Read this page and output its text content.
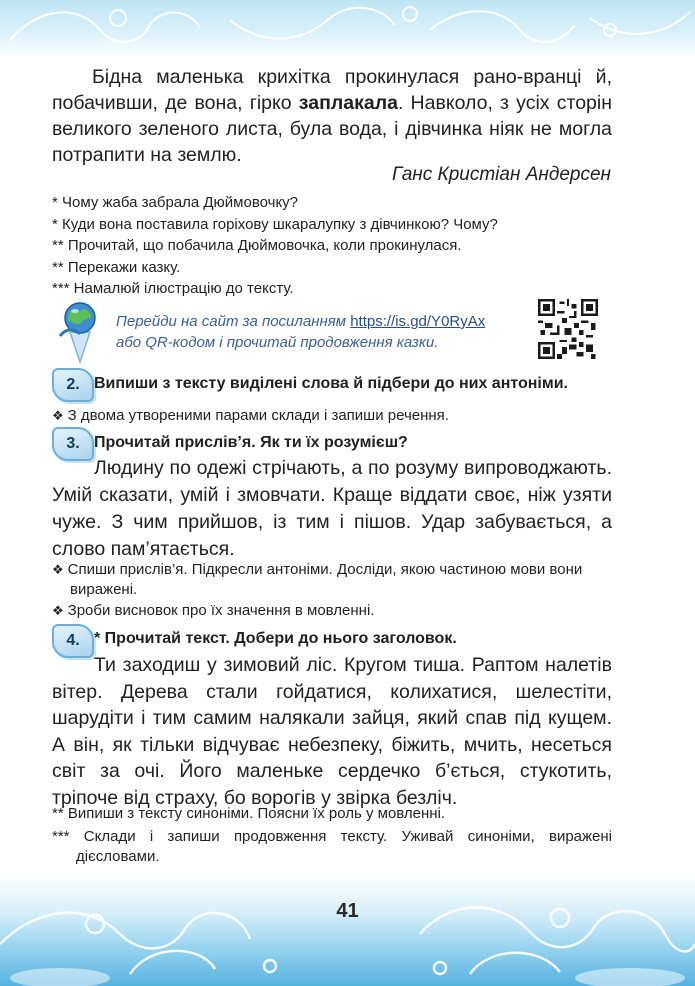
Бідна маленька крихітка прокинулася рано-вранці й, побачивши, де вона, гірко заплакала. Навколо, з усіх сторін великого зеленого листа, була вода, і дівчинка ніяк не могла потрапити на землю.

Ганс Кристіан Андерсен
* Чому жаба забрала Дюймовочку?
* Куди вона поставила горіхову шкаралупку з дівчинкою? Чому?
** Прочитай, що побачила Дюймовочка, коли прокинулася.
** Перекажи казку.
*** Намалюй ілюстрацію до тексту.
Перейди на сайт за посиланням https://is.gd/Y0RyAx
або QR-кодом і прочитай продовження казки.
2. Випиши з тексту виділені слова й підбери до них антоніми.
❖ З двома утвореними парами склади і запиши речення.
3. Прочитай прислів’я. Як ти їх розумієш?

Людину по одежі стрічають, а по розуму випроводжають. Умій сказати, умій і змовчати. Краще віддати своє, ніж узяти чуже. З чим прийшов, із тим і пішов. Удар забувається, а слово пам’ятається.

❖ Спиши прислів’я. Підкресли антоніми. Досліди, якою частиною мови вони виражені.
❖ Зроби висновок про їх значення в мовленні.
4. * Прочитай текст. Добери до нього заголовок.

Ти заходиш у зимовий ліс. Кругом тиша. Раптом налетів вітер. Дерева стали гойдатися, колихатися, шелестіти, шарудіти і тим самим налякали зайця, який спав під кущем. А він, як тільки відчуває небезпеку, біжить, мчить, несеться світ за очі. Його маленьке сердечко б’ється, стукотить, тріпоче від страху, бо ворогів у звірка безліч.

** Випиши з тексту синоніми. Поясни їх роль у мовленні.
*** Склади і запиши продовження тексту. Уживай синоніми, виражені дієсловами.
41
